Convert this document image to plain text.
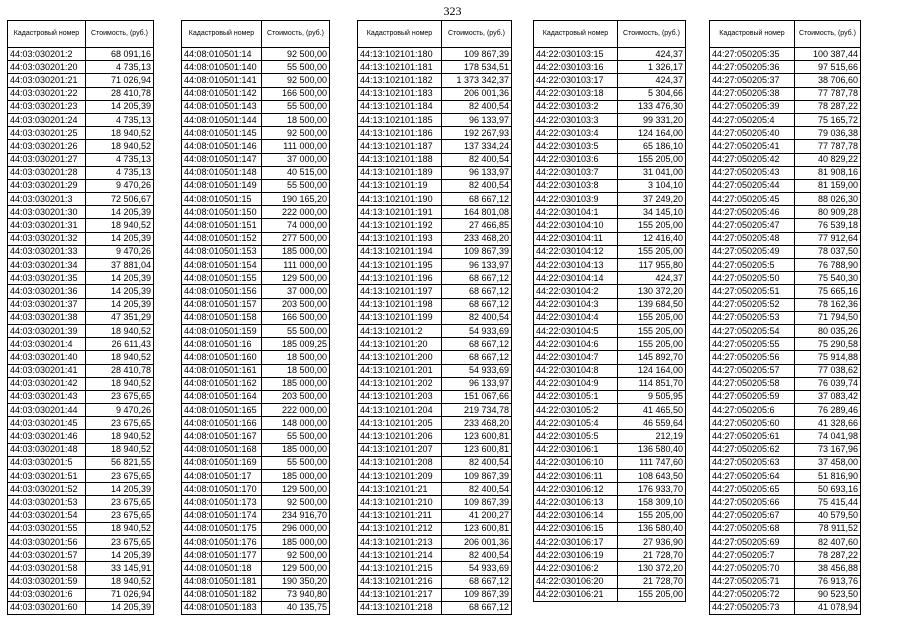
323
Кадастровый номер	Стоимость, (руб.)
44:03:030201:2	68 091,16
44:03:030201:20	4 735,13
44:03:030201:21	71 026,94
44:03:030201:22	28 410,78
44:03:030201:23	14 205,39
44:03:030201:24	4 735,13
44:03:030201:25	18 940,52
44:03:030201:26	18 940,52
44:03:030201:27	4 735,13
44:03:030201:28	4 735,13
44:03:030201:29	9 470,26
44:03:030201:3	72 506,67
44:03:030201:30	14 205,39
44:03:030201:31	18 940,52
44:03:030201:32	14 205,39
44:03:030201:33	9 470,26
44:03:030201:34	37 881,04
44:03:030201:35	14 205,39
44:03:030201:36	14 205,39
44:03:030201:37	14 205,39
44:03:030201:38	47 351,29
44:03:030201:39	18 940,52
44:03:030201:4	26 611,43
44:03:030201:40	18 940,52
44:03:030201:41	28 410,78
44:03:030201:42	18 940,52
44:03:030201:43	23 675,65
44:03:030201:44	9 470,26
44:03:030201:45	23 675,65
44:03:030201:46	18 940,52
44:03:030201:48	18 940,52
44:03:030201:5	56 821,55
44:03:030201:51	23 675,65
44:03:030201:52	14 205,39
44:03:030201:53	23 675,65
44:03:030201:54	23 675,65
44:03:030201:55	18 940,52
44:03:030201:56	23 675,65
44:03:030201:57	14 205,39
44:03:030201:58	33 145,91
44:03:030201:59	18 940,52
44:03:030201:6	71 026,94
44:03:030201:60	14 205,39
Кадастровый номер	Стоимость, (руб.)
44:08:010501:14	92 500,00
44:08:010501:140	55 500,00
44:08:010501:141	92 500,00
44:08:010501:142	166 500,00
44:08:010501:143	55 500,00
44:08:010501:144	18 500,00
44:08:010501:145	92 500,00
44:08:010501:146	111 000,00
44:08:010501:147	37 000,00
44:08:010501:148	40 515,00
44:08:010501:149	55 500,00
44:08:010501:15	190 165,20
44:08:010501:150	222 000,00
44:08:010501:151	74 000,00
44:08:010501:152	277 500,00
44:08:010501:153	185 000,00
44:08:010501:154	111 000,00
44:08:010501:155	129 500,00
44:08:010501:156	37 000,00
44:08:010501:157	203 500,00
44:08:010501:158	166 500,00
44:08:010501:159	55 500,00
44:08:010501:16	185 009,25
44:08:010501:160	18 500,00
44:08:010501:161	18 500,00
44:08:010501:162	185 000,00
44:08:010501:164	203 500,00
44:08:010501:165	222 000,00
44:08:010501:166	148 000,00
44:08:010501:167	55 500,00
44:08:010501:168	185 000,00
44:08:010501:169	55 500,00
44:08:010501:17	185 000,00
44:08:010501:170	129 500,00
44:08:010501:173	92 500,00
44:08:010501:174	234 916,70
44:08:010501:175	296 000,00
44:08:010501:176	185 000,00
44:08:010501:177	92 500,00
44:08:010501:18	129 500,00
44:08:010501:181	190 350,20
44:08:010501:182	73 940,80
44:08:010501:183	40 135,75
Кадастровый номер	Стоимость, (руб.)
44:13:102101:180	109 867,39
44:13:102101:181	178 534,51
44:13:102101:182	1 373 342,37
44:13:102101:183	206 001,36
44:13:102101:184	82 400,54
44:13:102101:185	96 133,97
44:13:102101:186	192 267,93
44:13:102101:187	137 334,24
44:13:102101:188	82 400,54
44:13:102101:189	96 133,97
44:13:102101:19	82 400,54
44:13:102101:190	68 667,12
44:13:102101:191	164 801,08
44:13:102101:192	27 466,85
44:13:102101:193	233 468,20
44:13:102101:194	109 867,39
44:13:102101:195	96 133,97
44:13:102101:196	68 667,12
44:13:102101:197	68 667,12
44:13:102101:198	68 667,12
44:13:102101:199	82 400,54
44:13:102101:2	54 933,69
44:13:102101:20	68 667,12
44:13:102101:200	68 667,12
44:13:102101:201	54 933,69
44:13:102101:202	96 133,97
44:13:102101:203	151 067,66
44:13:102101:204	219 734,78
44:13:102101:205	233 468,20
44:13:102101:206	123 600,81
44:13:102101:207	123 600,81
44:13:102101:208	82 400,54
44:13:102101:209	109 867,39
44:13:102101:21	82 400,54
44:13:102101:210	109 867,39
44:13:102101:211	41 200,27
44:13:102101:212	123 600,81
44:13:102101:213	206 001,36
44:13:102101:214	82 400,54
44:13:102101:215	54 933,69
44:13:102101:216	68 667,12
44:13:102101:217	109 867,39
44:13:102101:218	68 667,12
Кадастровый номер	Стоимость, (руб.)
44:22:030103:15	424,37
44:22:030103:16	1 326,17
44:22:030103:17	424,37
44:22:030103:18	5 304,66
44:22:030103:2	133 476,30
44:22:030103:3	99 331,20
44:22:030103:4	124 164,00
44:22:030103:5	65 186,10
44:22:030103:6	155 205,00
44:22:030103:7	31 041,00
44:22:030103:8	3 104,10
44:22:030103:9	37 249,20
44:22:030104:1	34 145,10
44:22:030104:10	155 205,00
44:22:030104:11	12 416,40
44:22:030104:12	155 205,00
44:22:030104:13	117 955,80
44:22:030104:14	424,37
44:22:030104:2	130 372,20
44:22:030104:3	139 684,50
44:22:030104:4	155 205,00
44:22:030104:5	155 205,00
44:22:030104:6	155 205,00
44:22:030104:7	145 892,70
44:22:030104:8	124 164,00
44:22:030104:9	114 851,70
44:22:030105:1	9 505,95
44:22:030105:2	41 465,50
44:22:030105:4	46 559,64
44:22:030105:5	212,19
44:22:030106:1	136 580,40
44:22:030106:10	111 747,60
44:22:030106:11	108 643,50
44:22:030106:12	176 933,70
44:22:030106:13	158 309,10
44:22:030106:14	155 205,00
44:22:030106:15	136 580,40
44:22:030106:17	27 936,90
44:22:030106:19	21 728,70
44:22:030106:2	130 372,20
44:22:030106:20	21 728,70
44:22:030106:21	155 205,00
Кадастровый номер	Стоимость, (руб.)
44:27:050205:35	100 387,44
44:27:050205:36	97 515,66
44:27:050205:37	38 706,60
44:27:050205:38	77 787,78
44:27:050205:39	78 287,22
44:27:050205:4	75 165,72
44:27:050205:40	79 036,38
44:27:050205:41	77 787,78
44:27:050205:42	40 829,22
44:27:050205:43	81 908,16
44:27:050205:44	81 159,00
44:27:050205:45	88 026,30
44:27:050205:46	80 909,28
44:27:050205:47	76 539,18
44:27:050205:48	77 912,64
44:27:050205:49	78 037,50
44:27:050205:5	76 788,90
44:27:050205:50	75 540,30
44:27:050205:51	75 665,16
44:27:050205:52	78 162,36
44:27:050205:53	71 794,50
44:27:050205:54	80 035,26
44:27:050205:55	75 290,58
44:27:050205:56	75 914,88
44:27:050205:57	77 038,62
44:27:050205:58	76 039,74
44:27:050205:59	37 083,42
44:27:050205:6	76 289,46
44:27:050205:60	41 328,66
44:27:050205:61	74 041,98
44:27:050205:62	73 167,96
44:27:050205:63	37 458,00
44:27:050205:64	51 816,90
44:27:050205:65	50 693,16
44:27:050205:66	75 415,44
44:27:050205:67	40 579,50
44:27:050205:68	78 911,52
44:27:050205:69	82 407,60
44:27:050205:7	78 287,22
44:27:050205:70	38 456,88
44:27:050205:71	76 913,76
44:27:050205:72	90 523,50
44:27:050205:73	41 078,94
